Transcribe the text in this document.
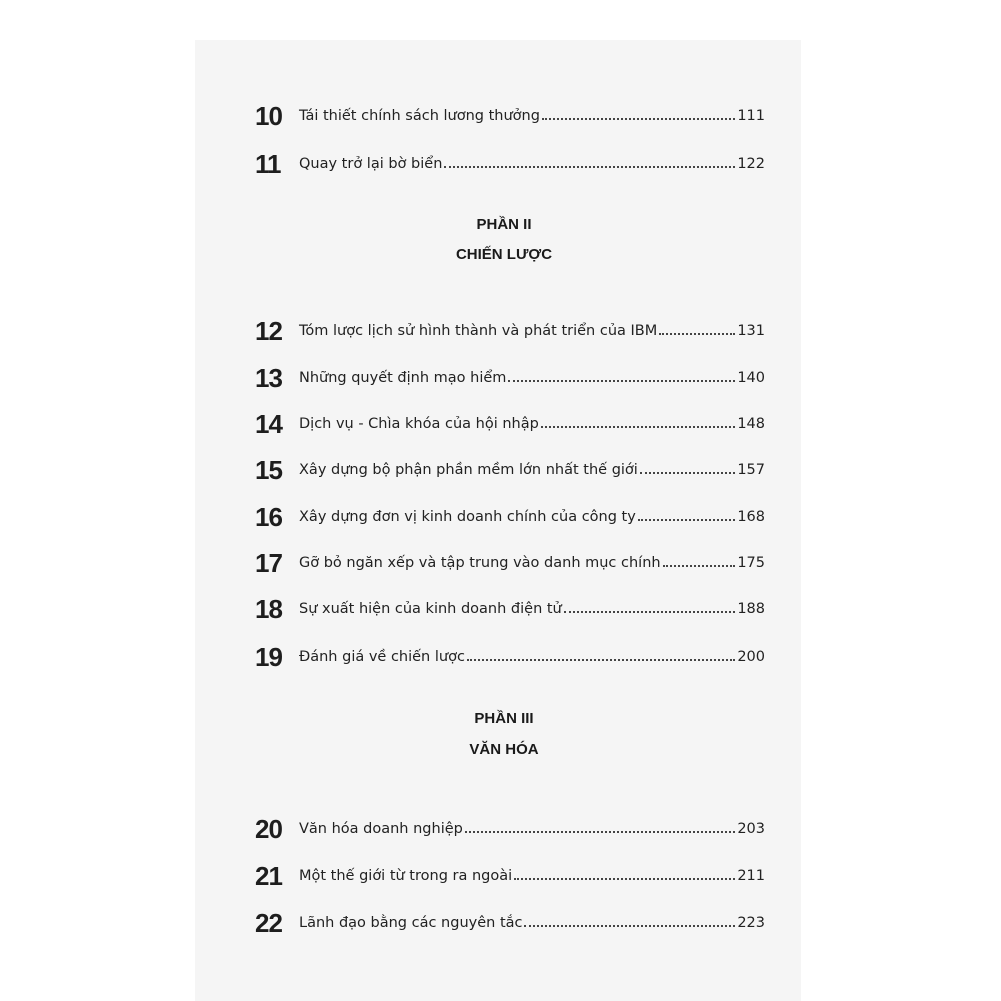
10	Tái thiết chính sách lương thưởng	111
11	Quay trở lại bờ biển	122
PHẦN II
CHIẾN LƯỢC
12	Tóm lược lịch sử hình thành và phát triển của IBM	131
13	Những quyết định mạo hiểm	140
14	Dịch vụ - Chìa khóa của hội nhập	148
15	Xây dựng bộ phận phần mềm lớn nhất thế giới	157
16	Xây dựng đơn vị kinh doanh chính của công ty	168
17	Gỡ bỏ ngăn xếp và tập trung vào danh mục chính	175
18	Sự xuất hiện của kinh doanh điện tử	188
19	Đánh giá về chiến lược	200
PHẦN III
VĂN HÓA
20	Văn hóa doanh nghiệp	203
21	Một thế giới từ trong ra ngoài	211
22	Lãnh đạo bằng các nguyên tắc	223
